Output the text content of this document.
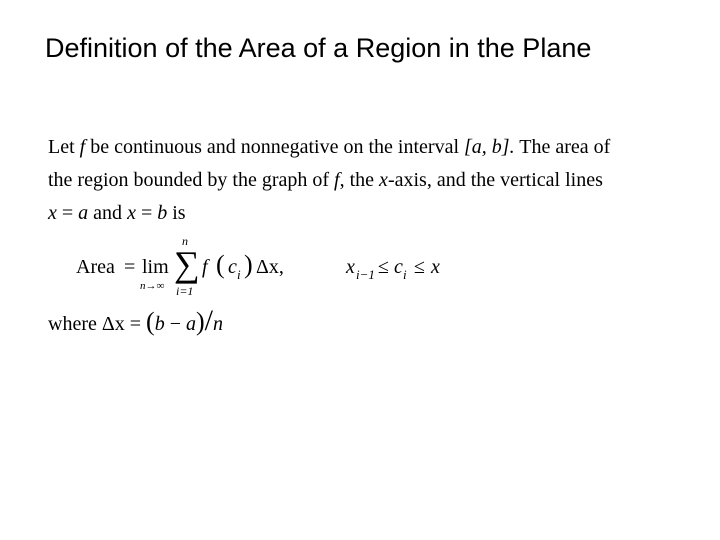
Definition of the Area of a Region in the Plane
Let f be continuous and nonnegative on the interval [a, b]. The area of
the region bounded by the graph of f, the x-axis, and the vertical lines
x = a and x = b is
Area = lim
n→∞
n
∑
i=1
f ( c i ) Δx,	x i−1 ≤ c i ≤ x
where Δx = (b − a)/n
